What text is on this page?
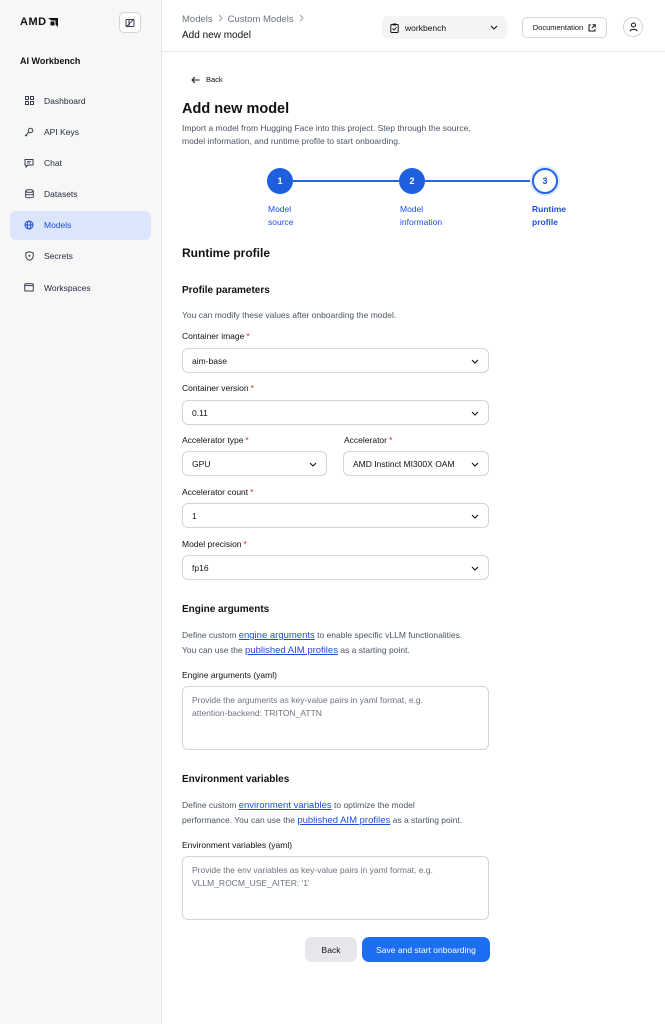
AMD
AI Workbench
Dashboard
API Keys
Chat
Datasets
Models
Secrets
Workspaces
Models Custom Models
Add new model
workbench	Documentation
Back
Add new model
Import a model from Hugging Face into this project. Step through the source, model information, and runtime profile to start onboarding.
1	2	3
Model
source
Model
information
Runtime
profile
Runtime profile
Profile parameters
You can modify these values after onboarding the model.
Container image *
aim-base
Container version *
0.11
Accelerator type *
GPU
Accelerator *
AMD Instinct MI300X OAM
Accelerator count *
1
Model precision *
fp16
Engine arguments
Define custom engine arguments to enable specific vLLM functionalities.
You can use the published AIM profiles as a starting point.
Engine arguments (yaml)
Provide the arguments as key-value pairs in yaml format, e.g.
attention-backend: TRITON_ATTN
Environment variables
Define custom environment variables to optimize the model
performance. You can use the published AIM profiles as a starting point.
Environment variables (yaml)
Provide the env variables as key-value pairs in yaml format, e.g.
VLLM_ROCM_USE_AITER: '1'
Back	Save and start onboarding
